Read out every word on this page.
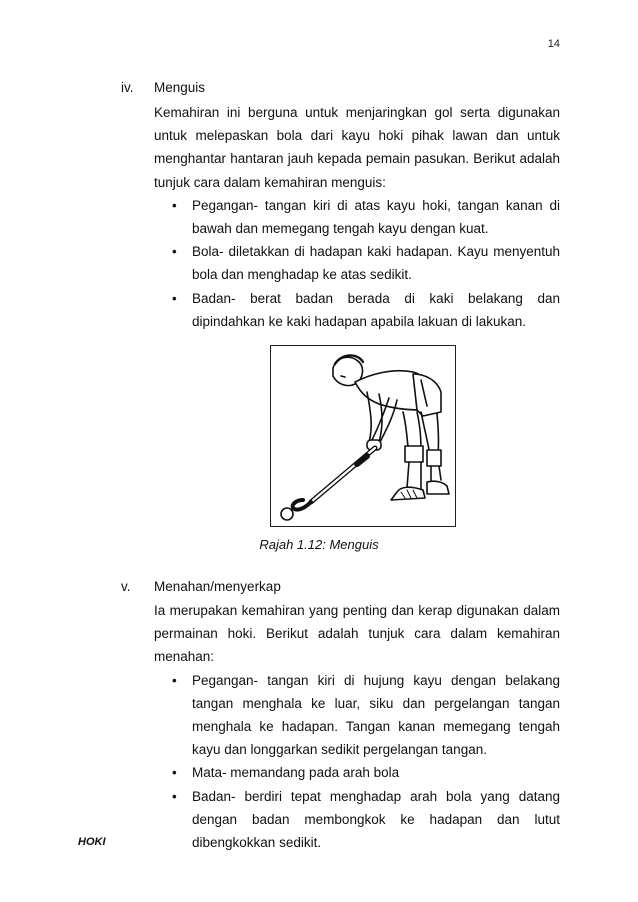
14
iv.	Menguis

Kemahiran ini berguna untuk menjaringkan gol serta digunakan untuk melepaskan bola dari kayu hoki pihak lawan dan untuk menghantar hantaran jauh kepada pemain pasukan. Berikut adalah tunjuk cara dalam kemahiran menguis:

• Pegangan- tangan kiri di atas kayu hoki, tangan kanan di bawah dan memegang tengah kayu dengan kuat.
• Bola- diletakkan di hadapan kaki hadapan. Kayu menyentuh bola dan menghadap ke atas sedikit.
• Badan- berat badan berada di kaki belakang dan dipindahkan ke kaki hadapan apabila lakuan di lakukan.
Rajah 1.12: Menguis
v.	Menahan/menyerkap

Ia merupakan kemahiran yang penting dan kerap digunakan dalam permainan hoki. Berikut adalah tunjuk cara dalam kemahiran menahan:

• Pegangan- tangan kiri di hujung kayu dengan belakang tangan menghala ke luar, siku dan pergelangan tangan menghala ke hadapan. Tangan kanan memegang tengah kayu dan longgarkan sedikit pergelangan tangan.
• Mata- memandang pada arah bola
• Badan- berdiri tepat menghadap arah bola yang datang dengan badan membongkok ke hadapan dan lutut dibengkokkan sedikit.
HOKI
